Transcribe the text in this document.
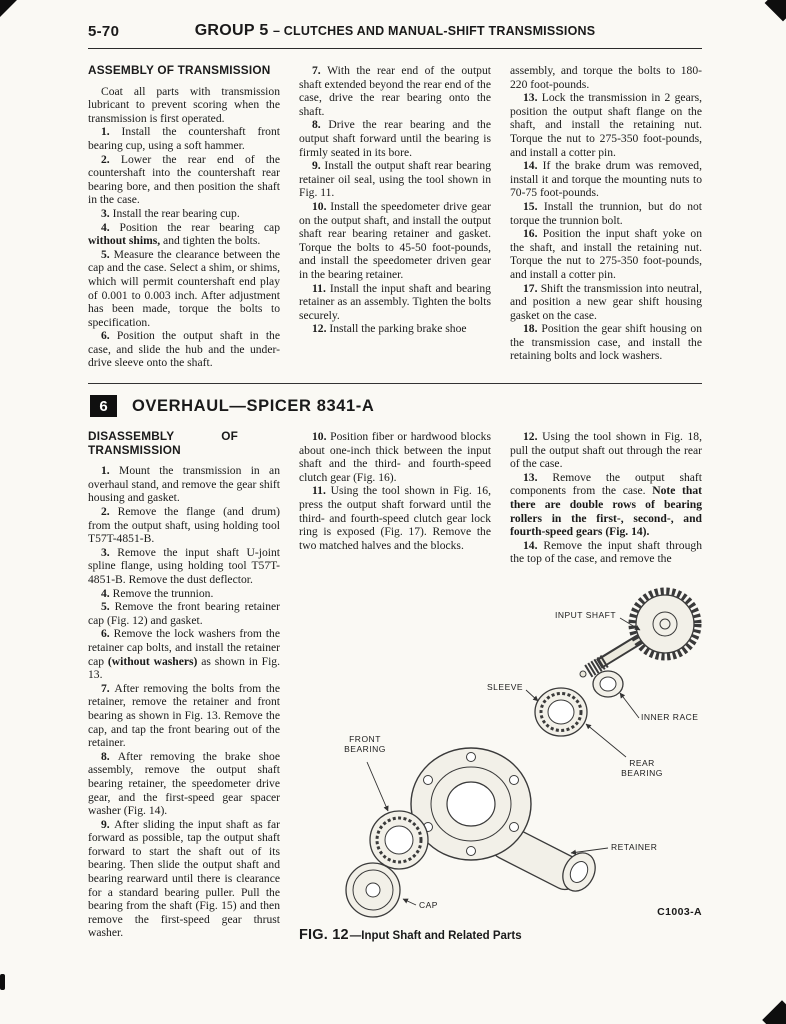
5-70	GROUP 5 – CLUTCHES AND MANUAL-SHIFT TRANSMISSIONS
ASSEMBLY OF TRANSMISSION

Coat all parts with transmission lubricant to prevent scoring when the transmission is first operated.

1. Install the countershaft front bearing cup, using a soft hammer.

2. Lower the rear end of the countershaft into the countershaft rear bearing bore, and then position the shaft in the case.

3. Install the rear bearing cup.

4. Position the rear bearing cap without shims, and tighten the bolts.

5. Measure the clearance between the cap and the case. Select a shim, or shims, which will permit countershaft end play of 0.001 to 0.003 inch. After adjustment has been made, torque the bolts to specification.

6. Position the output shaft in the case, and slide the hub and the under-drive sleeve onto the shaft.

7. With the rear end of the output shaft extended beyond the rear end of the case, drive the rear bearing onto the shaft.

8. Drive the rear bearing and the output shaft forward until the bearing is firmly seated in its bore.

9. Install the output shaft rear bearing retainer oil seal, using the tool shown in Fig. 11.

10. Install the speedometer drive gear on the output shaft, and install the output shaft rear bearing retainer and gasket. Torque the bolts to 45-50 foot-pounds, and install the speedometer driven gear in the bearing retainer.

11. Install the input shaft and bearing retainer as an assembly. Tighten the bolts securely.

12. Install the parking brake shoe

assembly, and torque the bolts to 180-220 foot-pounds.

13. Lock the transmission in 2 gears, position the output shaft flange on the shaft, and install the retaining nut. Torque the nut to 275-350 foot-pounds, and install a cotter pin.

14. If the brake drum was removed, install it and torque the mounting nuts to 70-75 foot-pounds.

15. Install the trunnion, but do not torque the trunnion bolt.

16. Position the input shaft yoke on the shaft, and install the retaining nut. Torque the nut to 275-350 foot-pounds, and install a cotter pin.

17. Shift the transmission into neutral, and position a new gear shift housing gasket on the case.

18. Position the gear shift housing on the transmission case, and install the retaining bolts and lock washers.

6	OVERHAUL—SPICER 8341-A
DISASSEMBLY OF TRANSMISSION

1. Mount the transmission in an overhaul stand, and remove the gear shift housing and gasket.

2. Remove the flange (and drum) from the output shaft, using holding tool T57T-4851-B.

3. Remove the input shaft U-joint spline flange, using holding tool T57T-4851-B. Remove the dust deflector.

4. Remove the trunnion.

5. Remove the front bearing retainer cap (Fig. 12) and gasket.

6. Remove the lock washers from the retainer cap bolts, and install the retainer cap (without washers) as shown in Fig. 13.

7. After removing the bolts from the retainer, remove the retainer and front bearing as shown in Fig. 13. Remove the cap, and tap the front bearing out of the retainer.

8. After removing the brake shoe assembly, remove the output shaft bearing retainer, the speedometer drive gear, and the first-speed gear spacer washer (Fig. 14).

9. After sliding the input shaft as far forward as possible, tap the output shaft forward to start the shaft out of its bearing. Then slide the output shaft and bearing rearward until there is clearance for a standard bearing puller. Pull the bearing from the shaft (Fig. 15) and then remove the first-speed gear thrust washer.

10. Position fiber or hardwood blocks about one-inch thick between the input shaft and the third- and fourth-speed clutch gear (Fig. 16).

11. Using the tool shown in Fig. 16, press the output shaft forward until the third- and fourth-speed clutch gear lock ring is exposed (Fig. 17). Remove the two matched halves and the blocks.

12. Using the tool shown in Fig. 18, pull the output shaft out through the rear of the case.

13. Remove the output shaft components from the case. Note that there are double rows of bearing rollers in the first-, second-, and fourth-speed gears (Fig. 14).

14. Remove the input shaft through the top of the case, and remove the

INPUT SHAFT
SLEEVE
INNER RACE
FRONT BEARING
REAR BEARING
RETAINER
CAP
C1003-A
FIG. 12 —Input Shaft and Related Parts
